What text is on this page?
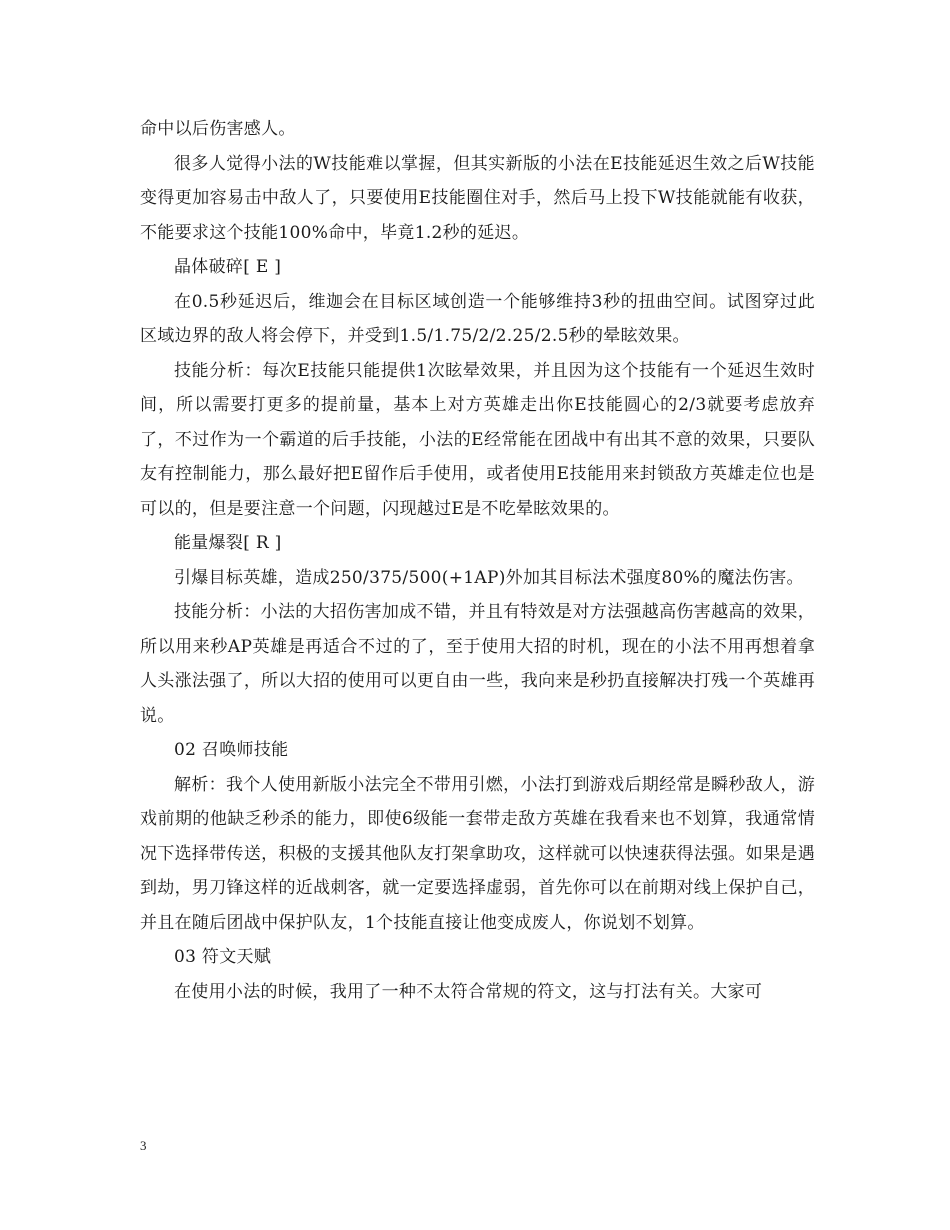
命中以后伤害感人。

很多人觉得小法的W技能难以掌握，但其实新版的小法在E技能延迟生效之后W技能变得更加容易击中敌人了，只要使用E技能圈住对手，然后马上投下W技能就能有收获，不能要求这个技能100%命中，毕竟1.2秒的延迟。

晶体破碎[ E ]

在0.5秒延迟后，维迦会在目标区域创造一个能够维持3秒的扭曲空间。试图穿过此区域边界的敌人将会停下，并受到1.5/1.75/2/2.25/2.5秒的晕眩效果。

技能分析：每次E技能只能提供1次眩晕效果，并且因为这个技能有一个延迟生效时间，所以需要打更多的提前量，基本上对方英雄走出你E技能圆心的2/3就要考虑放弃了，不过作为一个霸道的后手技能，小法的E经常能在团战中有出其不意的效果，只要队友有控制能力，那么最好把E留作后手使用，或者使用E技能用来封锁敌方英雄走位也是可以的，但是要注意一个问题，闪现越过E是不吃晕眩效果的。

能量爆裂[ R ]

引爆目标英雄，造成250/375/500(+1AP)外加其目标法术强度80%的魔法伤害。

技能分析：小法的大招伤害加成不错，并且有特效是对方法强越高伤害越高的效果，所以用来秒AP英雄是再适合不过的了，至于使用大招的时机，现在的小法不用再想着拿人头涨法强了，所以大招的使用可以更自由一些，我向来是秒扔直接解决打残一个英雄再说。

02 召唤师技能

解析：我个人使用新版小法完全不带用引燃，小法打到游戏后期经常是瞬秒敌人，游戏前期的他缺乏秒杀的能力，即使6级能一套带走敌方英雄在我看来也不划算，我通常情况下选择带传送，积极的支援其他队友打架拿助攻，这样就可以快速获得法强。如果是遇到劫，男刀锋这样的近战刺客，就一定要选择虚弱，首先你可以在前期对线上保护自己，并且在随后团战中保护队友，1个技能直接让他变成废人，你说划不划算。

03 符文天赋

在使用小法的时候，我用了一种不太符合常规的符文，这与打法有关。大家可

3
